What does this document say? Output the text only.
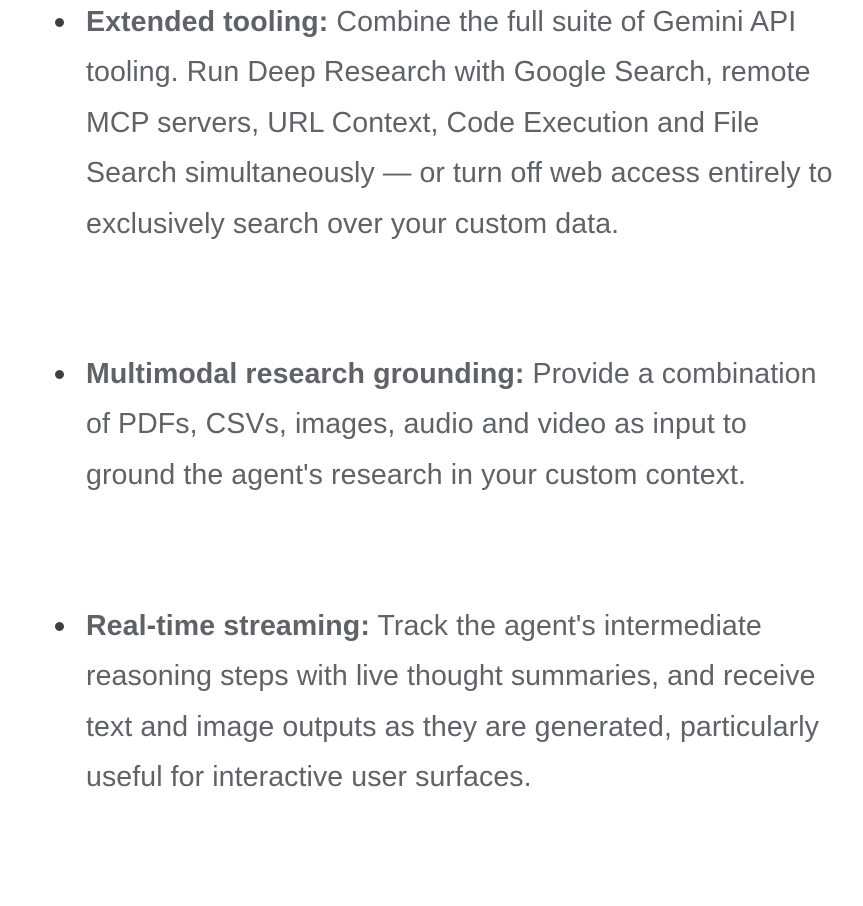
Extended tooling: Combine the full suite of Gemini API tooling. Run Deep Research with Google Search, remote MCP servers, URL Context, Code Execution and File Search simultaneously — or turn off web access entirely to exclusively search over your custom data.
Multimodal research grounding: Provide a combination of PDFs, CSVs, images, audio and video as input to ground the agent's research in your custom context.
Real-time streaming: Track the agent's intermediate reasoning steps with live thought summaries, and receive text and image outputs as they are generated, particularly useful for interactive user surfaces.
